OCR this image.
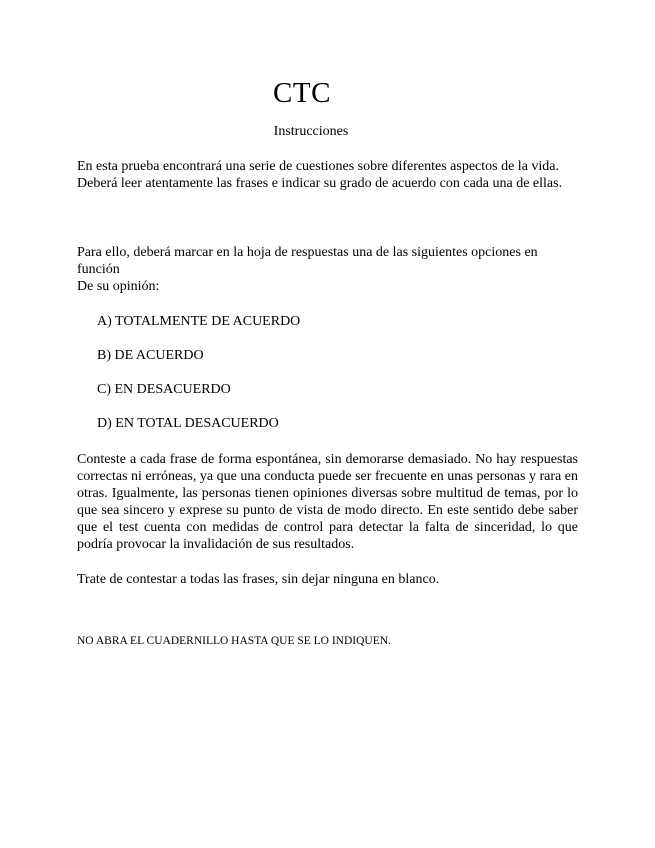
CTC
Instrucciones

En esta prueba encontrará una serie de cuestiones sobre diferentes aspectos de la vida.

Deberá leer atentamente las frases e indicar su grado de acuerdo con cada una de ellas.

Para ello, deberá marcar en la hoja de respuestas una de las siguientes opciones en función

De su opinión:

A) TOTALMENTE DE ACUERDO
B) DE ACUERDO
C) EN DESACUERDO
D) EN TOTAL DESACUERDO
Conteste a cada frase de forma espontánea, sin demorarse demasiado. No hay respuestas correctas ni erróneas, ya que una conducta puede ser frecuente en unas personas y rara en otras. Igualmente, las personas tienen opiniones diversas sobre multitud de temas, por lo que sea sincero y exprese su punto de vista de modo directo. En este sentido debe saber que el test cuenta con medidas de control para detectar la falta de sinceridad, lo que podría provocar la invalidación de sus resultados.
Trate de contestar a todas las frases, sin dejar ninguna en blanco.
NO ABRA EL CUADERNILLO HASTA QUE SE LO INDIQUEN.
